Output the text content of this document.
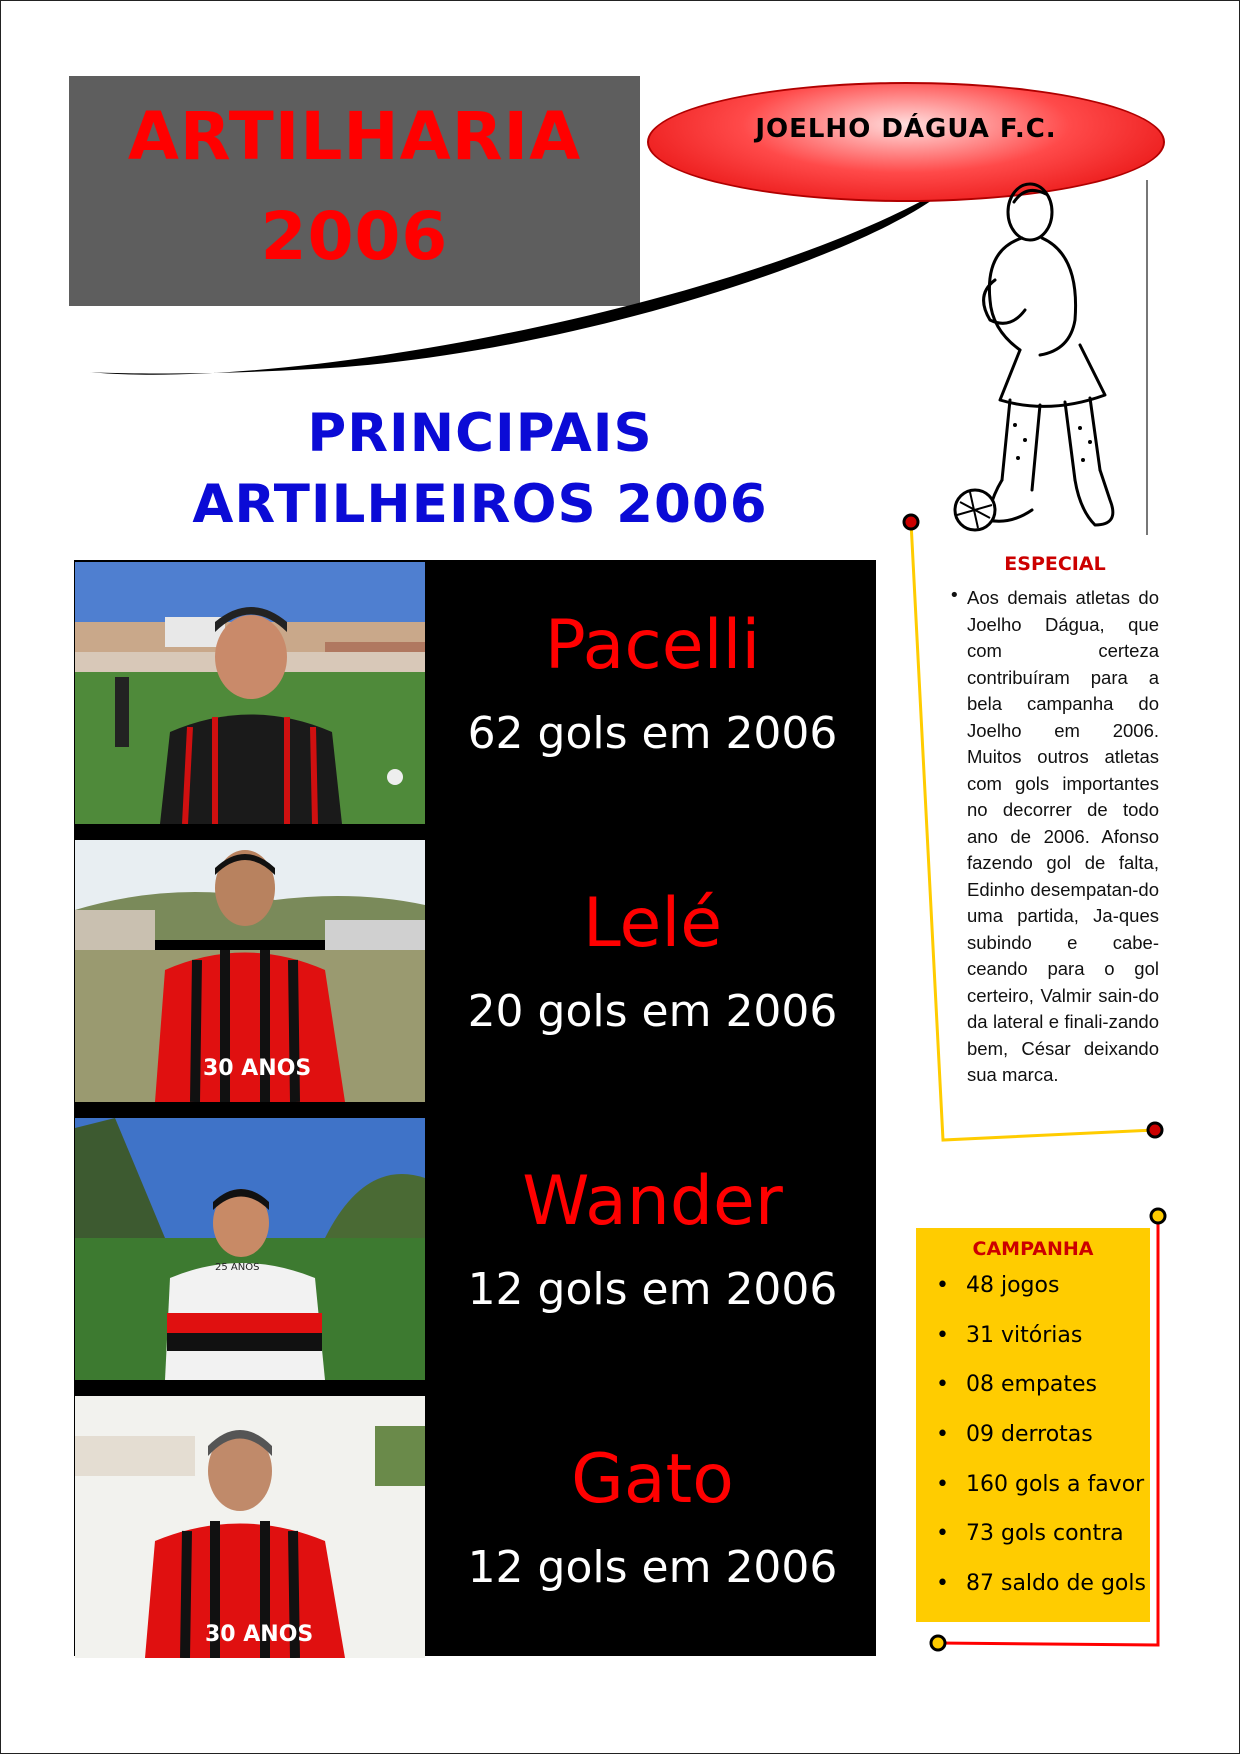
ARTILHARIA
2006
JOELHO DÁGUA F.C.
PRINCIPAIS
ARTILHEIROS 2006
Pacelli
62 gols em 2006
30 ANOS
Lelé
20 gols em 2006
25 ANOS
Wander
12 gols em 2006
30 ANOS
Gato
12 gols em 2006
ESPECIAL
• Aos demais atletas do Joelho Dágua, que com certeza contribuíram para a bela campanha do Joelho em 2006. Muitos outros atletas com gols importantes no decorrer de todo ano de 2006. Afonso fazendo gol de falta, Edinho desempatan-do uma partida, Ja-ques subindo e cabe-ceando para o gol certeiro, Valmir sain-do da lateral e finali-zando bem, César deixando sua marca.
CAMPANHA
• 48 jogos
• 31 vitórias
• 08 empates
• 09 derrotas
• 160 gols a favor
• 73 gols contra
• 87 saldo de gols
